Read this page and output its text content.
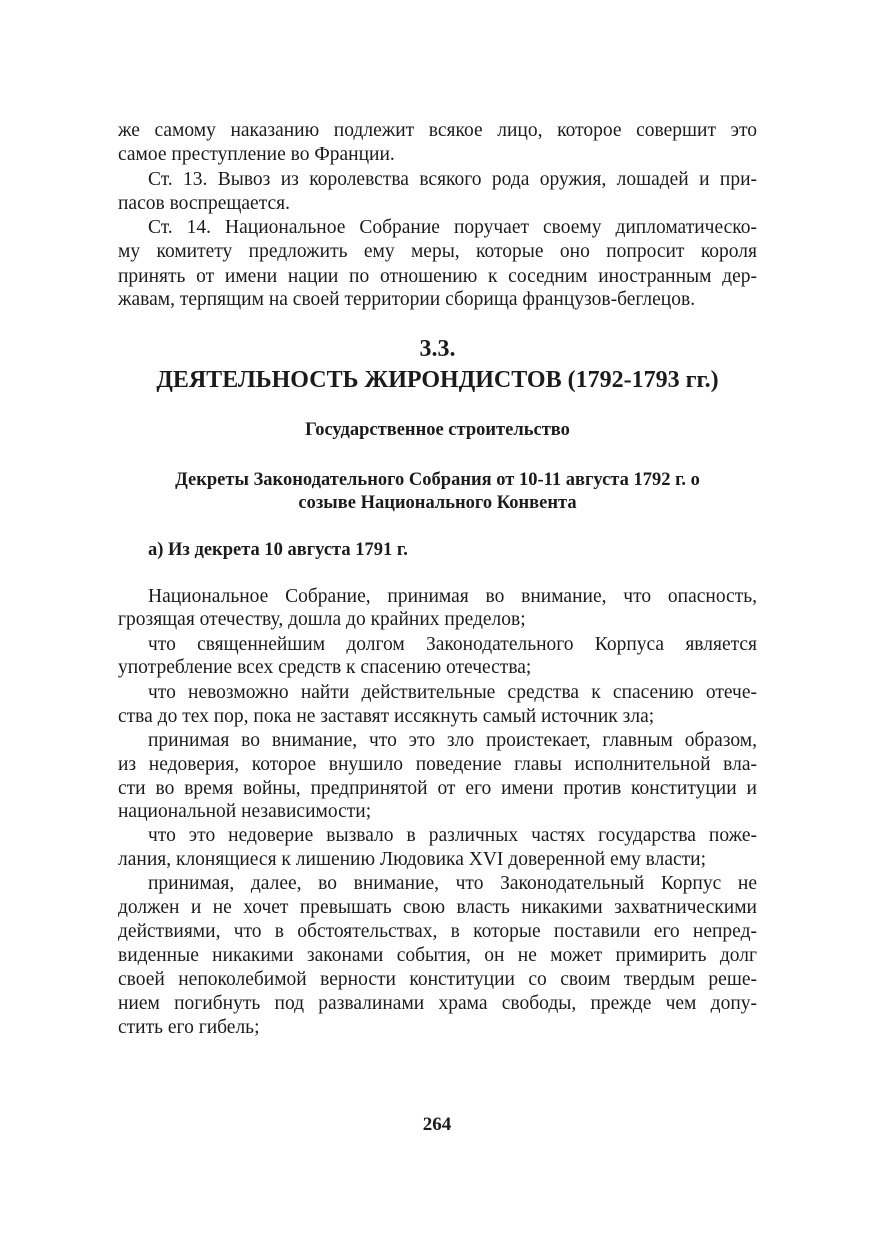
же самому наказанию подлежит всякое лицо, которое совершит это
самое преступление во Франции.
Ст. 13. Вывоз из королевства всякого рода оружия, лошадей и при-
пасов воспрещается.
Ст. 14. Национальное Собрание поручает своему дипломатическо-
му комитету предложить ему меры, которые оно попросит короля
принять от имени нации по отношению к соседним иностранным дер-
жавам, терпящим на своей территории сборища французов-беглецов.
3.3.
ДЕЯТЕЛЬНОСТЬ ЖИРОНДИСТОВ (1792-1793 гг.)
Государственное строительство
Декреты Законодательного Собрания от 10-11 августа 1792 г. о
созыве Национального Конвента
а) Из декрета 10 августа 1791 г.
Национальное Собрание, принимая во внимание, что опасность,
грозящая отечеству, дошла до крайних пределов;
что священнейшим долгом Законодательного Корпуса является
употребление всех средств к спасению отечества;
что невозможно найти действительные средства к спасению отече-
ства до тех пор, пока не заставят иссякнуть самый источник зла;
принимая во внимание, что это зло проистекает, главным образом,
из недоверия, которое внушило поведение главы исполнительной вла-
сти во время войны, предпринятой от его имени против конституции и
национальной независимости;
что это недоверие вызвало в различных частях государства поже-
лания, клонящиеся к лишению Людовика XVI доверенной ему власти;
принимая, далее, во внимание, что Законодательный Корпус не
должен и не хочет превышать свою власть никакими захватническими
действиями, что в обстоятельствах, в которые поставили его непред-
виденные никакими законами события, он не может примирить долг
своей непоколебимой верности конституции со своим твердым реше-
нием погибнуть под развалинами храма свободы, прежде чем допу-
стить его гибель;
264
